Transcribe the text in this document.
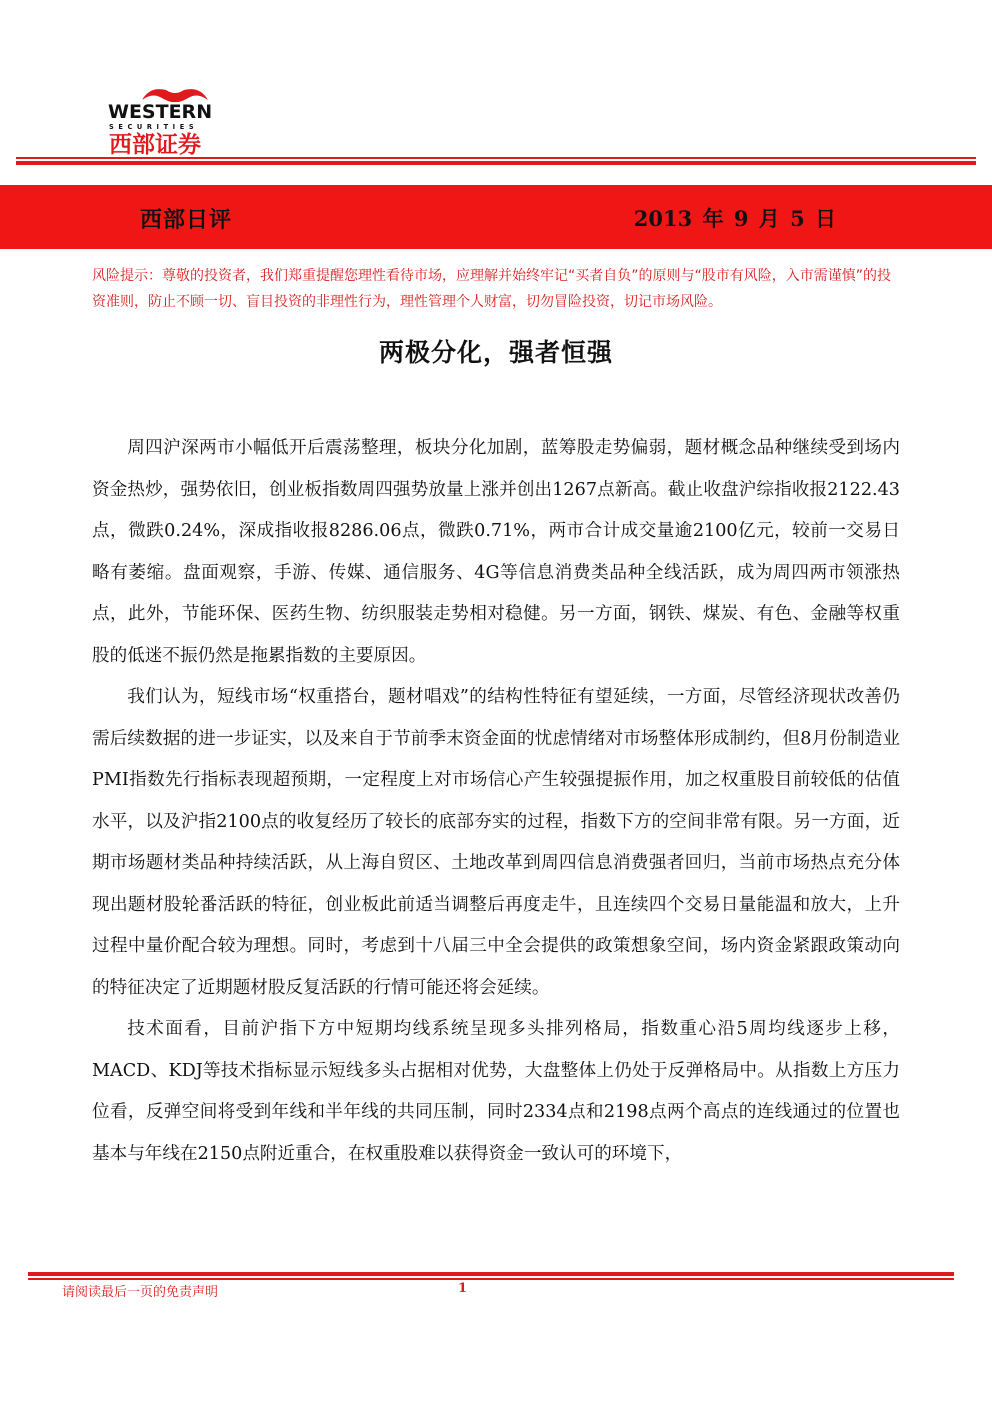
WESTERN
SECURITIES
西部证券
西部日评	2013 年 9 月 5 日
风险提示：尊敬的投资者，我们郑重提醒您理性看待市场，应理解并始终牢记“买者自负”的原则与“股市有风险，入市需谨慎”的投资准则，防止不顾一切、盲目投资的非理性行为，理性管理个人财富，切勿冒险投资，切记市场风险。
两极分化，强者恒强

周四沪深两市小幅低开后震荡整理，板块分化加剧，蓝筹股走势偏弱，题材概念品种继续受到场内资金热炒，强势依旧，创业板指数周四强势放量上涨并创出1267点新高。截止收盘沪综指收报2122.43点，微跌0.24%，深成指收报8286.06点，微跌0.71%，两市合计成交量逾2100亿元，较前一交易日略有萎缩。盘面观察，手游、传媒、通信服务、4G等信息消费类品种全线活跃，成为周四两市领涨热点，此外，节能环保、医药生物、纺织服装走势相对稳健。另一方面，钢铁、煤炭、有色、金融等权重股的低迷不振仍然是拖累指数的主要原因。

我们认为，短线市场“权重搭台，题材唱戏”的结构性特征有望延续，一方面，尽管经济现状改善仍需后续数据的进一步证实，以及来自于节前季末资金面的忧虑情绪对市场整体形成制约，但8月份制造业PMI指数先行指标表现超预期，一定程度上对市场信心产生较强提振作用，加之权重股目前较低的估值水平，以及沪指2100点的收复经历了较长的底部夯实的过程，指数下方的空间非常有限。另一方面，近期市场题材类品种持续活跃，从上海自贸区、土地改革到周四信息消费强者回归，当前市场热点充分体现出题材股轮番活跃的特征，创业板此前适当调整后再度走牛，且连续四个交易日量能温和放大，上升过程中量价配合较为理想。同时，考虑到十八届三中全会提供的政策想象空间，场内资金紧跟政策动向的特征决定了近期题材股反复活跃的行情可能还将会延续。

技术面看，目前沪指下方中短期均线系统呈现多头排列格局，指数重心沿5周均线逐步上移，MACD、KDJ等技术指标显示短线多头占据相对优势，大盘整体上仍处于反弹格局中。从指数上方压力位看，反弹空间将受到年线和半年线的共同压制，同时2334点和2198点两个高点的连线通过的位置也基本与年线在2150点附近重合，在权重股难以获得资金一致认可的环境下，

请阅读最后一页的免责声明	1
